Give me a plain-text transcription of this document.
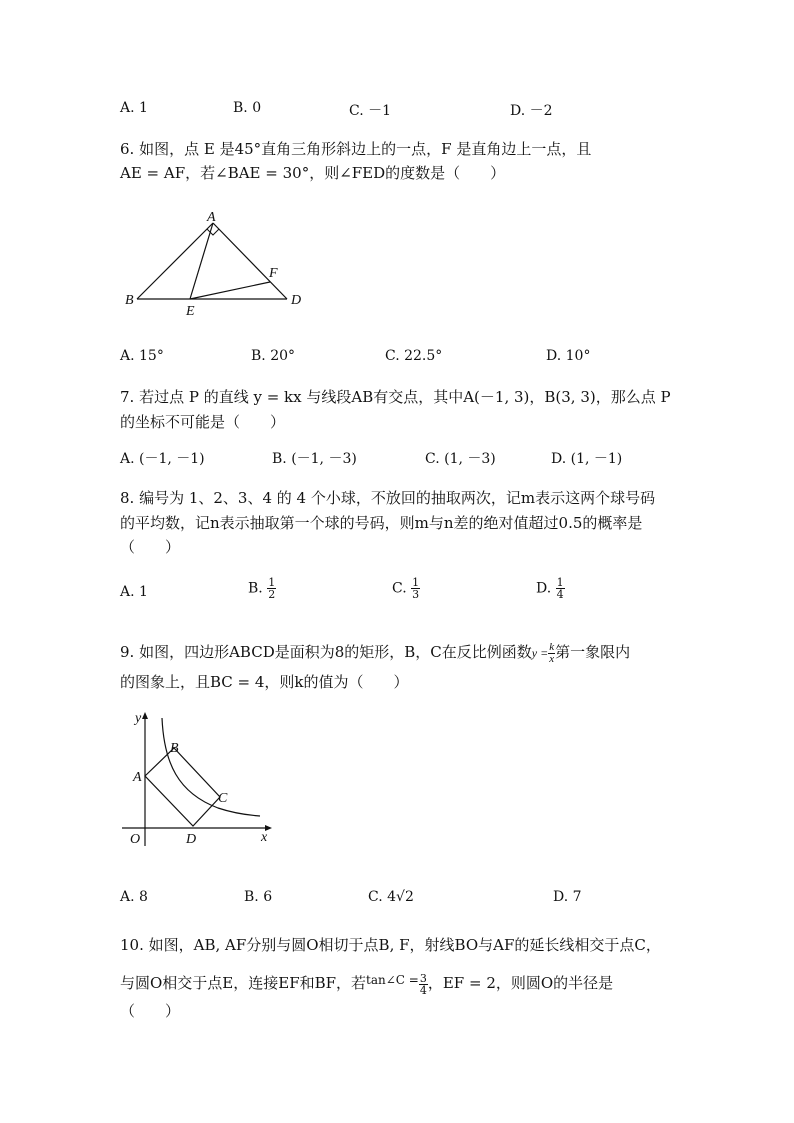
A. 1	B. 0	C. －1	D. －2
6. 如图，点 E 是45°直角三角形斜边上的一点，F 是直角边上一点，且
AE = AF，若∠BAE = 30°，则∠FED的度数是（　　）
A
B
E
F
D
A. 15°	B. 20°	C. 22.5°	D. 10°
7. 若过点 P 的直线 y = kx 与线段AB有交点，其中A(－1, 3)，B(3, 3)，那么点 P
的坐标不可能是（　　）
A. (－1, －1)	B. (－1, －3)	C. (1, －3)	D. (1, －1)
8. 编号为 1、2、3、4 的 4 个小球，不放回的抽取两次，记m表示这两个球号码
的平均数，记n表示抽取第一个球的号码，则m与n差的绝对值超过0.5的概率是
（　　）
A. 1	B. $\frac{1}{2}$	C. $\frac{1}{3}$	D. $\frac{1}{4}$
9. 如图，四边形ABCD是面积为8的矩形，B，C在反比例函数$y = \frac{k}{x}$ 第一象限内
的图象上，且BC = 4，则k的值为（　　）
y
B
A
C
O	D	x
A. 8	B. 6	C. 4√2	D. 7
10. 如图，AB, AF分别与圆O相切于点B, F，射线BO与AF的延长线相交于点C，
与圆O相交于点E，连接EF和BF，若$^{tan\angle C =} \frac{3}{4}$ ，EF = 2，则圆O的半径是
（　　）
